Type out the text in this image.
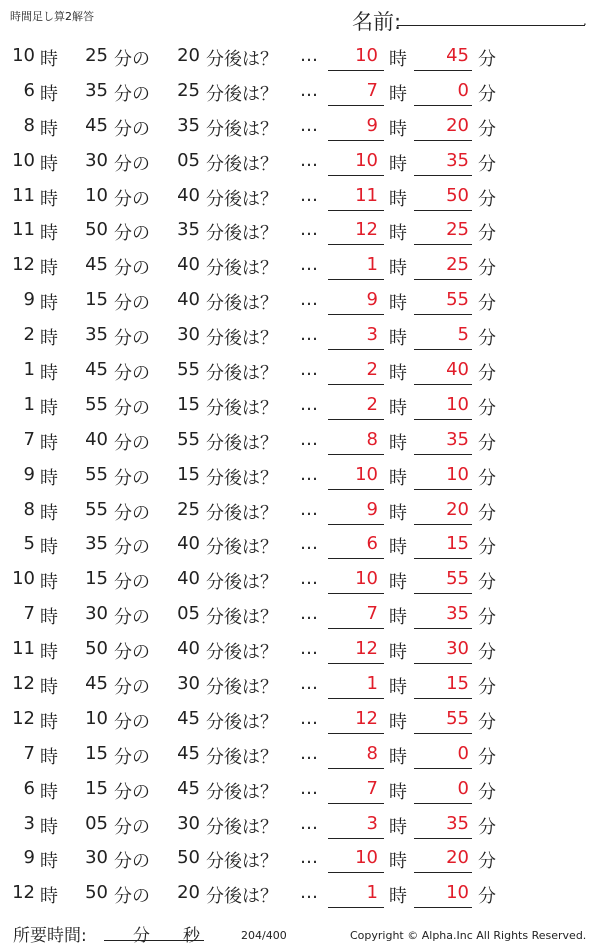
時間足し算2解答	名前:	.
10 時	25 分の	20 分後は？ …	10 時	45 分
6 時	35 分の	25 分後は？ …	7 時	0 分
8 時	45 分の	35 分後は？ …	9 時	20 分
10 時	30 分の	05 分後は？ …	10 時	35 分
11 時	10 分の	40 分後は？ …	11 時	50 分
11 時	50 分の	35 分後は？ …	12 時	25 分
12 時	45 分の	40 分後は？ …	1 時	25 分
9 時	15 分の	40 分後は？ …	9 時	55 分
2 時	35 分の	30 分後は？ …	3 時	5 分
1 時	45 分の	55 分後は？ …	2 時	40 分
1 時	55 分の	15 分後は？ …	2 時	10 分
7 時	40 分の	55 分後は？ …	8 時	35 分
9 時	55 分の	15 分後は？ …	10 時	10 分
8 時	55 分の	25 分後は？ …	9 時	20 分
5 時	35 分の	40 分後は？ …	6 時	15 分
10 時	15 分の	40 分後は？ …	10 時	55 分
7 時	30 分の	05 分後は？ …	7 時	35 分
11 時	50 分の	40 分後は？ …	12 時	30 分
12 時	45 分の	30 分後は？ …	1 時	15 分
12 時	10 分の	45 分後は？ …	12 時	55 分
7 時	15 分の	45 分後は？ …	8 時	0 分
6 時	15 分の	45 分後は？ …	7 時	0 分
3 時	05 分の	30 分後は？ …	3 時	35 分
9 時	30 分の	50 分後は？ …	10 時	20 分
12 時	50 分の	20 分後は？ …	1 時	10 分
所要時間:	分 秒	204/400	Copyright © Alpha.Inc All Rights Reserved.
